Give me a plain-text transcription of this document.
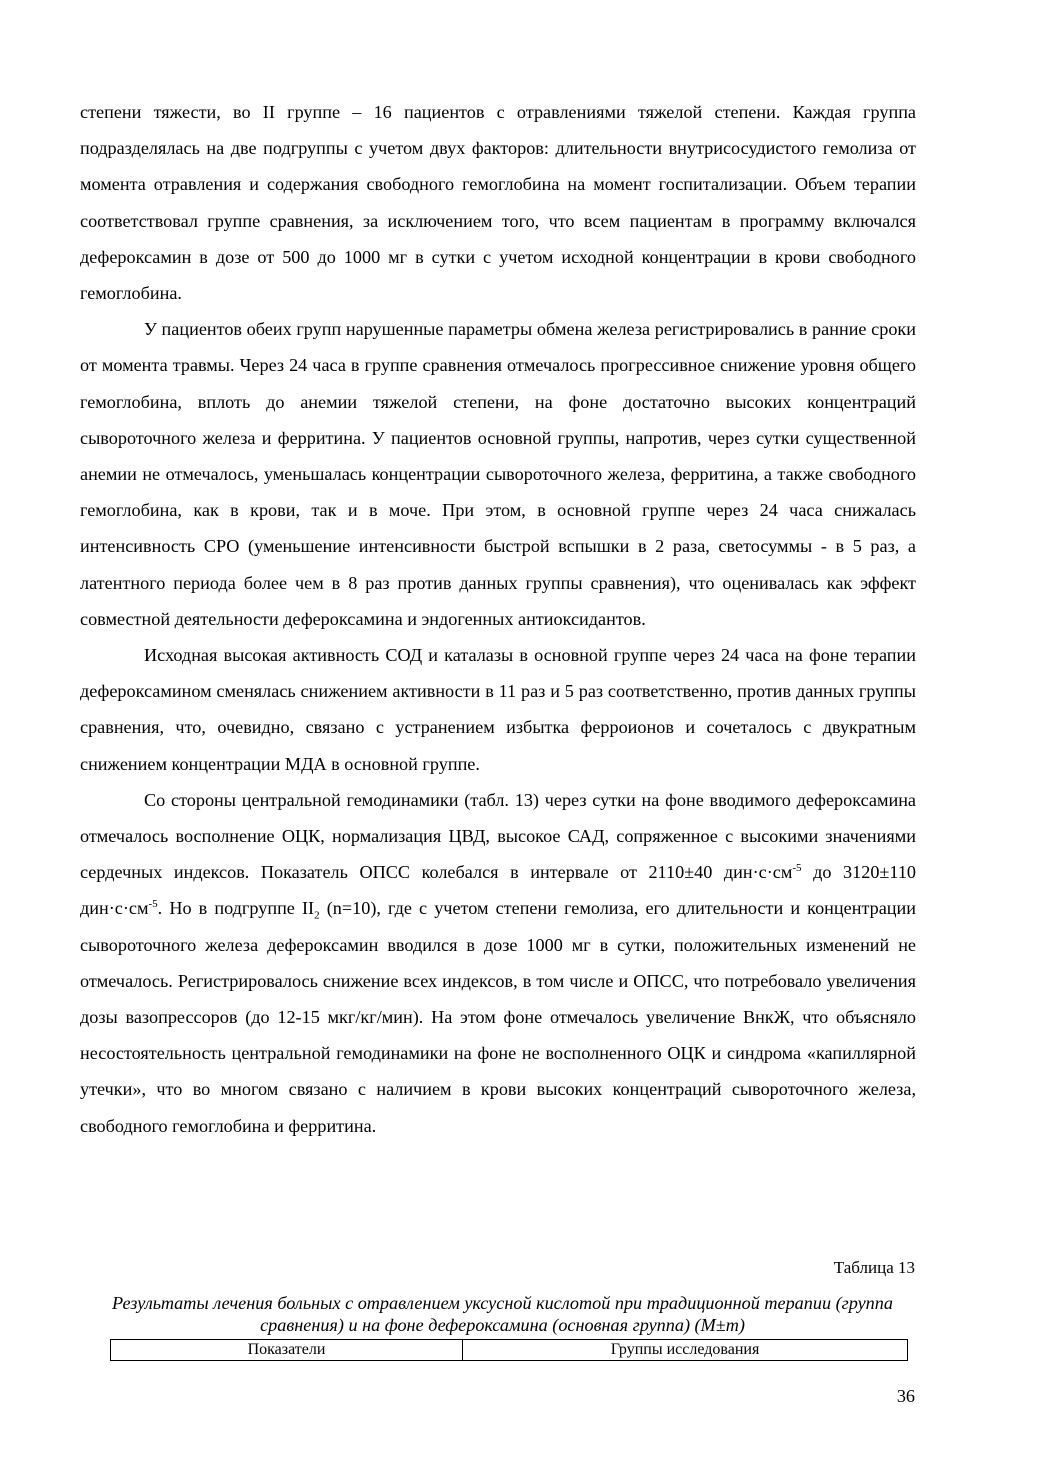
степени тяжести, во II группе – 16 пациентов с отравлениями тяжелой степени. Каждая группа подразделялась на две подгруппы с учетом двух факторов: длительности внутрисосудистого гемолиза от момента отравления и содержания свободного гемоглобина на момент госпитализации. Объем терапии соответствовал группе сравнения, за исключением того, что всем пациентам в программу включался дефероксамин в дозе от 500 до 1000 мг в сутки с учетом исходной концентрации в крови свободного гемоглобина.

У пациентов обеих групп нарушенные параметры обмена железа регистрировались в ранние сроки от момента травмы. Через 24 часа в группе сравнения отмечалось прогрессивное снижение уровня общего гемоглобина, вплоть до анемии тяжелой степени, на фоне достаточно высоких концентраций сывороточного железа и ферритина. У пациентов основной группы, напротив, через сутки существенной анемии не отмечалось, уменьшалась концентрации сывороточного железа, ферритина, а также свободного гемоглобина, как в крови, так и в моче. При этом, в основной группе через 24 часа снижалась интенсивность СРО (уменьшение интенсивности быстрой вспышки в 2 раза, светосуммы - в 5 раз, а латентного периода более чем в 8 раз против данных группы сравнения), что оценивалась как эффект совместной деятельности дефероксамина и эндогенных антиоксидантов.

Исходная высокая активность СОД и каталазы в основной группе через 24 часа на фоне терапии дефероксамином сменялась снижением активности в 11 раз и 5 раз соответственно, против данных группы сравнения, что, очевидно, связано с устранением избытка ферроионов и сочеталось с двукратным снижением концентрации МДА в основной группе.

Со стороны центральной гемодинамики (табл. 13) через сутки на фоне вводимого дефероксамина отмечалось восполнение ОЦК, нормализация ЦВД, высокое САД, сопряженное с высокими значениями сердечных индексов. Показатель ОПСС колебался в интервале от 2110±40 $дин\cdot с\cdot см^{-5}$ до 3120±110 $дин\cdot с\cdot см^{-5}$. Но в подгруппе $II_2$ (n=10), где с учетом степени гемолиза, его длительности и концентрации сывороточного железа дефероксамин вводился в дозе 1000 мг в сутки, положительных изменений не отмечалось. Регистрировалось снижение всех индексов, в том числе и ОПСС, что потребовало увеличения дозы вазопрессоров (до 12-15 мкг/кг/мин). На этом фоне отмечалось увеличение ВнкЖ, что объясняло несостоятельность центральной гемодинамики на фоне не восполненного ОЦК и синдрома «капиллярной утечки», что во многом связано с наличием в крови высоких концентраций сывороточного железа, свободного гемоглобина и ферритина.

Таблица 13
Результаты лечения больных с отравлением уксусной кислотой при традиционной терапии (группа сравнения) и на фоне дефероксамина (основная группа) (M±m)
Показатели	Группы исследования
36
